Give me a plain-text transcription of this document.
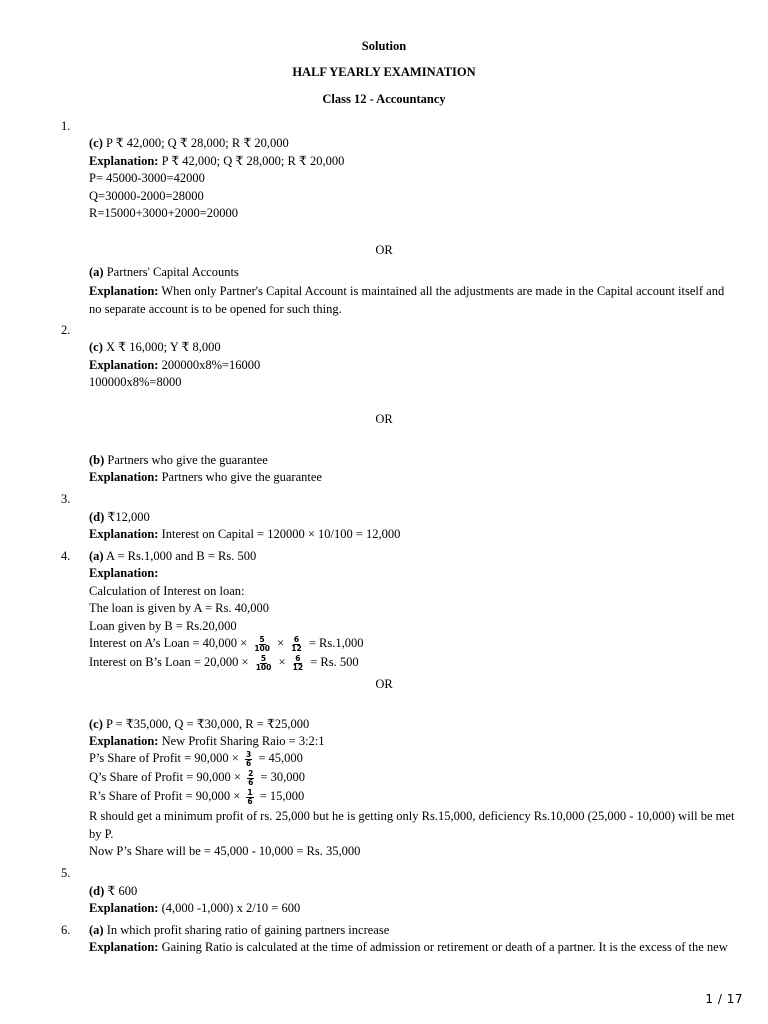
Solution
HALF YEARLY EXAMINATION
Class 12 - Accountancy
1.
(c) P ₹ 42,000; Q ₹ 28,000; R ₹ 20,000
Explanation: P ₹ 42,000; Q ₹ 28,000; R ₹ 20,000
P= 45000-3000=42000
Q=30000-2000=28000
R=15000+3000+2000=20000
OR
(a) Partners' Capital Accounts
Explanation: When only Partner's Capital Account is maintained all the adjustments are made in the Capital account itself and no separate account is to be opened for such thing.
2.
(c) X ₹ 16,000; Y ₹ 8,000
Explanation: 200000x8%=16000
100000x8%=8000
OR
(b) Partners who give the guarantee
Explanation: Partners who give the guarantee
3.
(d) ₹12,000
Explanation: Interest on Capital = 120000 × 10/100 = 12,000
4. (a) A = Rs.1,000 and B = Rs. 500
Explanation:
Calculation of Interest on loan:
The loan is given by A = Rs. 40,000
Loan given by B = Rs.20,000
Interest on A’s Loan = $40,000 \times \frac{5}{100} \times \frac{6}{12} = Rs.1,000$
Interest on B’s Loan = $20,000 \times \frac{5}{100} \times \frac{6}{12} = Rs$. 500
OR
(c) P = ₹35,000, Q = ₹30,000, R = ₹25,000
Explanation: New Profit Sharing Raio = 3:2:1
P’s Share of Profit = $90,000 \times \frac{3}{6} = 45,000$
Q’s Share of Profit = $90,000 \times \frac{2}{6} = 30,000$
R’s Share of Profit = $90,000 \times \frac{1}{6} = 15,000$
R should get a minimum profit of rs. 25,000 but he is getting only Rs.15,000, deficiency Rs.10,000 (25,000 - 10,000) will be met by P.
Now P’s Share will be = 45,000 - 10,000 = Rs. 35,000
5.
(d) ₹ 600
Explanation: (4,000 -1,000) x 2/10 = 600
6. (a) In which profit sharing ratio of gaining partners increase
Explanation: Gaining Ratio is calculated at the time of admission or retirement or death of a partner. It is the excess of the new
1 / 17
